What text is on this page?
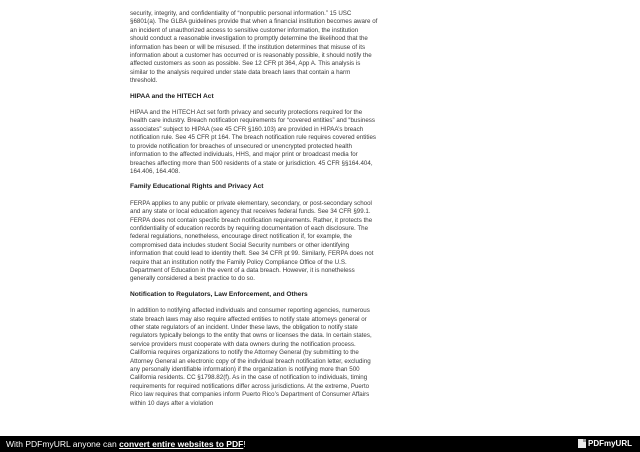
security, integrity, and confidentiality of “nonpublic personal information.” 15 USC §6801(a). The GLBA guidelines provide that when a financial institution becomes aware of an incident of unauthorized access to sensitive customer information, the institution should conduct a reasonable investigation to promptly determine the likelihood that the information has been or will be misused. If the institution determines that misuse of its information about a customer has occurred or is reasonably possible, it should notify the affected customers as soon as possible. See 12 CFR pt 364, App A. This analysis is similar to the analysis required under state data breach laws that contain a harm threshold.

HIPAA and the HITECH Act

HIPAA and the HITECH Act set forth privacy and security protections required for the health care industry. Breach notification requirements for “covered entities” and “business associates” subject to HIPAA (see 45 CFR §160.103) are provided in HIPAA’s breach notification rule. See 45 CFR pt 164. The breach notification rule requires covered entities to provide notification for breaches of unsecured or unencrypted protected health information to the affected individuals, HHS, and major print or broadcast media for breaches affecting more than 500 residents of a state or jurisdiction. 45 CFR §§164.404, 164.406, 164.408.

Family Educational Rights and Privacy Act

FERPA applies to any public or private elementary, secondary, or post-secondary school and any state or local education agency that receives federal funds. See 34 CFR §99.1. FERPA does not contain specific breach notification requirements. Rather, it protects the confidentiality of education records by requiring documentation of each disclosure. The federal regulations, nonetheless, encourage direct notification if, for example, the compromised data includes student Social Security numbers or other identifying information that could lead to identity theft. See 34 CFR pt 99. Similarly, FERPA does not require that an institution notify the Family Policy Compliance Office of the U.S. Department of Education in the event of a data breach. However, it is nonetheless generally considered a best practice to do so.

Notification to Regulators, Law Enforcement, and Others

In addition to notifying affected individuals and consumer reporting agencies, numerous state breach laws may also require affected entities to notify state attorneys general or other state regulators of an incident. Under these laws, the obligation to notify state regulators typically belongs to the entity that owns or licenses the data. In certain states, service providers must cooperate with data owners during the notification process. California requires organizations to notify the Attorney General (by submitting to the Attorney General an electronic copy of the individual breach notification letter, excluding any personally identifiable information) if the organization is notifying more than 500 California residents. CC §1798.82(f). As in the case of notification to individuals, timing requirements for required notifications differ across jurisdictions. At the extreme, Puerto Rico law requires that companies inform Puerto Rico’s Department of Consumer Affairs within 10 days after a violation

With PDFmyURL anyone can convert entire websites to PDF!	PDFmyURL
